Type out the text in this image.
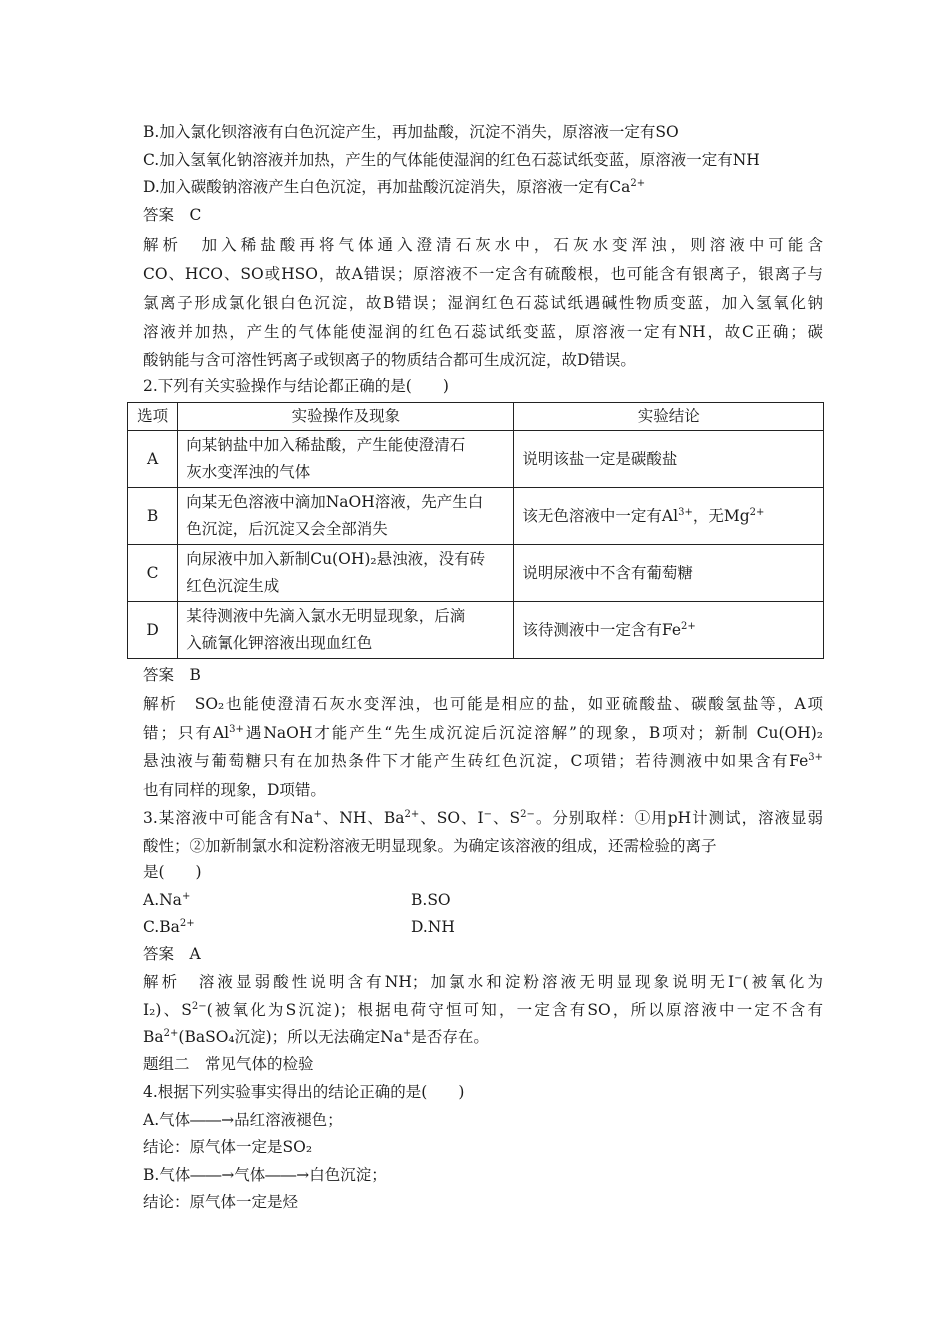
B.加入氯化钡溶液有白色沉淀产生，再加盐酸，沉淀不消失，原溶液一定有SO
C.加入氢氧化钠溶液并加热，产生的气体能使湿润的红色石蕊试纸变蓝，原溶液一定有NH
D.加入碳酸钠溶液产生白色沉淀，再加盐酸沉淀消失，原溶液一定有$Ca^{2+}$
答案　 C
解析　 加入稀盐酸再将气体通入澄清石灰水中，石灰水变浑浊，则溶液中可能含
CO、HCO、SO或HSO，故A错误；原溶液不一定含有硫酸根，也可能含有银离子，银离子与
氯离子形成氯化银白色沉淀，故B错误；湿润红色石蕊试纸遇碱性物质变蓝，加入氢氧化钠
溶液并加热，产生的气体能使湿润的红色石蕊试纸变蓝，原溶液一定有NH，故C正确；碳
酸钠能与含可溶性钙离子或钡离子的物质结合都可生成沉淀，故D错误。
2.下列有关实验操作与结论都正确的是(　　)
选项	实验操作及现象	实验结论
A	向某钠盐中加入稀盐酸，产生能使澄清石
灰水变浑浊的气体	说明该盐一定是碳酸盐
B	向某无色溶液中滴加NaOH溶液，先产生白
色沉淀，后沉淀又会全部消失	该无色溶液中一定有$Al^{3+}$，无$Mg^{2+}$
C	向尿液中加入新制Cu(OH)₂悬浊液，没有砖
红色沉淀生成	说明尿液中不含有葡萄糖
D	某待测液中先滴入氯水无明显现象，后滴
入硫氰化钾溶液出现血红色	该待测液中一定含有$Fe^{2+}$
答案　 B
解析　 SO₂也能使澄清石灰水变浑浊，也可能是相应的盐，如亚硫酸盐、碳酸氢盐等，A项
错；只有$Al^{3+}$遇NaOH才能产生“先生成沉淀后沉淀溶解”的现象，B项对；新制 Cu(OH)₂
悬浊液与葡萄糖只有在加热条件下才能产生砖红色沉淀，C项错；若待测液中如果含有$Fe^{3+}$
也有同样的现象，D项错。
3.某溶液中可能含有Na+、NH、$Ba^{2+}$、SO、I−、$S^{2-}$。分别取样：①用pH计测试，溶液显弱
酸性；②加新制氯水和淀粉溶液无明显现象。为确定该溶液的组成，还需检验的离子
是(　　)
A.Na+	B.SO
$C.Ba^{2+}$	D.NH
答案　 A
解析　 溶液显弱酸性说明含有NH；加氯水和淀粉溶液无明显现象说明无I−(被氧化为
I₂)、$S^{2-}$(被氧化为S沉淀)；根据电荷守恒可知，一定含有SO，所以原溶液中一定不含有
$Ba^{2+}(BaSO_4$沉淀)；所以无法确定Na+是否存在。
题组二　常见气体的检验
4.根据下列实验事实得出的结论正确的是(　　)
A.气体――→品红溶液褪色；
结论：原气体一定是SO₂
B.气体――→气体――→白色沉淀；
结论：原气体一定是烃
